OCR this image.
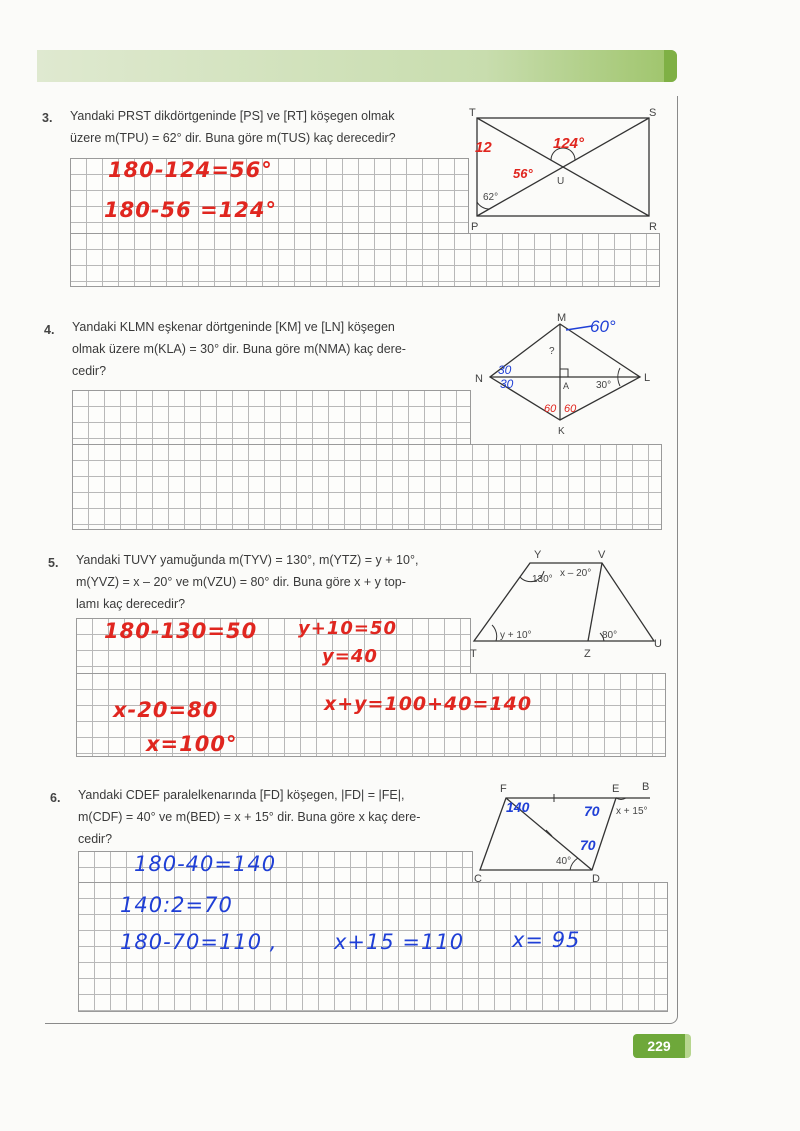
3. Yandaki PRST dikdörtgeninde [PS] ve [RT] köşegen olmak
üzere m(TPU) = 62° dir. Buna göre m(TUS) kaç derecedir?
T	S
P	R
U
62°
12	124°
56°
180-124=56°
180-56 =124°
4. Yandaki KLMN eşkenar dörtgeninde [KM] ve [LN] köşegen
olmak üzere m(KLA) = 30° dir. Buna göre m(NMA) kaç dere-
cedir?
M
N	L
K
A	30°
?
60°
30
30
60 60
5. Yandaki TUVY yamuğunda m(TYV) = 130°, m(YTZ) = y + 10°,
m(YVZ) = x – 20° ve m(VZU) = 80° dir. Buna göre x + y top-
lamı kaç derecedir?
Y	V
T	Z
U
130°
x – 20°
y + 10°	80°
180-130=50 y+10=50
y=40
x-20=80
x=100°
x+y=100+40=140
6. Yandaki CDEF paralelkenarında [FD] köşegen, |FD| = |FE|,
m(CDF) = 40° ve m(BED) = x + 15° dir. Buna göre x kaç dere-
cedir?
F	E B
C	D
40°
x + 15°
140	70
70
180-40=140
140:2=70
180-70=110 ,	x+15 =110 x= 95
229
